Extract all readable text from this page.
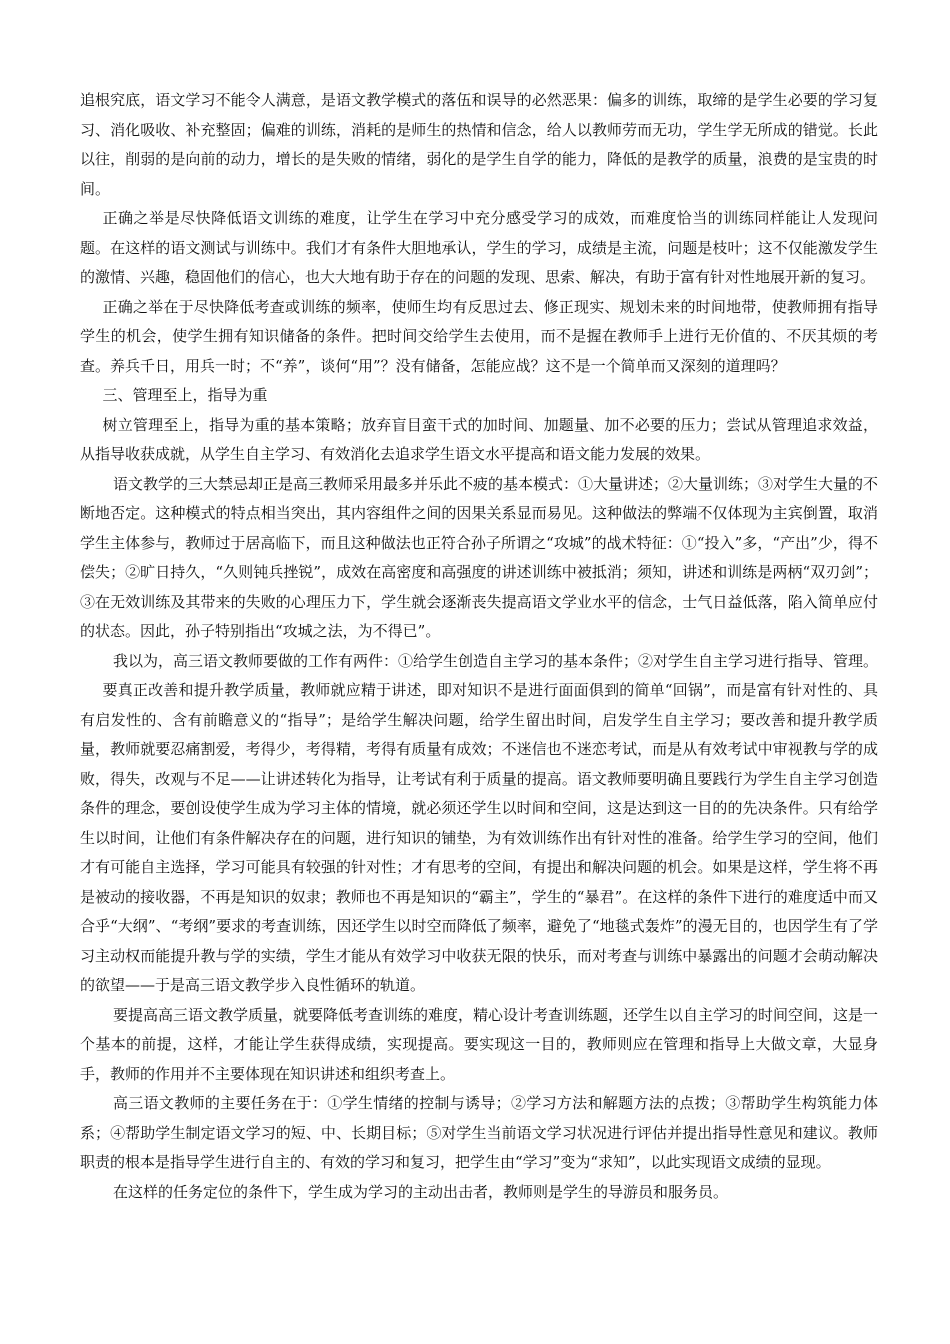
追根究底，语文学习不能令人满意，是语文教学模式的落伍和误导的必然恶果：偏多的训练，取缔的是学生必要的学习复习、消化吸收、补充整固；偏难的训练，消耗的是师生的热情和信念，给人以教师劳而无功，学生学无所成的错觉。长此以往，削弱的是向前的动力，增长的是失败的情绪，弱化的是学生自学的能力，降低的是教学的质量，浪费的是宝贵的时间。

正确之举是尽快降低语文训练的难度，让学生在学习中充分感受学习的成效，而难度恰当的训练同样能让人发现问题。在这样的语文测试与训练中。我们才有条件大胆地承认，学生的学习，成绩是主流，问题是枝叶；这不仅能激发学生的激情、兴趣，稳固他们的信心，也大大地有助于存在的问题的发现、思索、解决，有助于富有针对性地展开新的复习。

正确之举在于尽快降低考查或训练的频率，使师生均有反思过去、修正现实、规划未来的时间地带，使教师拥有指导学生的机会，使学生拥有知识储备的条件。把时间交给学生去使用，而不是握在教师手上进行无价值的、不厌其烦的考查。养兵千日，用兵一时；不“养”，谈何“用”？没有储备，怎能应战？这不是一个简单而又深刻的道理吗？

三、管理至上，指导为重

树立管理至上，指导为重的基本策略；放弃盲目蛮干式的加时间、加题量、加不必要的压力；尝试从管理追求效益，从指导收获成就，从学生自主学习、有效消化去追求学生语文水平提高和语文能力发展的效果。

语文教学的三大禁忌却正是高三教师采用最多并乐此不疲的基本模式：①大量讲述；②大量训练；③对学生大量的不断地否定。这种模式的特点相当突出，其内容组件之间的因果关系显而易见。这种做法的弊端不仅体现为主宾倒置，取消学生主体参与，教师过于居高临下，而且这种做法也正符合孙子所谓之“攻城”的战术特征：①“投入”多，“产出”少，得不偿失；②旷日持久，“久则钝兵挫锐”，成效在高密度和高强度的讲述训练中被抵消；须知，讲述和训练是两柄“双刃剑”；③在无效训练及其带来的失败的心理压力下，学生就会逐渐丧失提高语文学业水平的信念，士气日益低落，陷入简单应付的状态。因此，孙子特别指出“攻城之法，为不得已”。

我以为，高三语文教师要做的工作有两件：①给学生创造自主学习的基本条件；②对学生自主学习进行指导、管理。

要真正改善和提升教学质量，教师就应精于讲述，即对知识不是进行面面俱到的简单“回锅”，而是富有针对性的、具有启发性的、含有前瞻意义的“指导”；是给学生解决问题，给学生留出时间，启发学生自主学习；要改善和提升教学质量，教师就要忍痛割爱，考得少，考得精，考得有质量有成效；不迷信也不迷恋考试，而是从有效考试中审视教与学的成败，得失，改观与不足——让讲述转化为指导，让考试有利于质量的提高。语文教师要明确且要践行为学生自主学习创造条件的理念，要创设使学生成为学习主体的情境，就必须还学生以时间和空间，这是达到这一目的的先决条件。只有给学生以时间，让他们有条件解决存在的问题，进行知识的铺垫，为有效训练作出有针对性的准备。给学生学习的空间，他们才有可能自主选择，学习可能具有较强的针对性；才有思考的空间，有提出和解决问题的机会。如果是这样，学生将不再是被动的接收器，不再是知识的奴隶；教师也不再是知识的“霸主”，学生的“暴君”。在这样的条件下进行的难度适中而又合乎“大纲”、“考纲”要求的考查训练，因还学生以时空而降低了频率，避免了“地毯式轰炸”的漫无目的，也因学生有了学习主动权而能提升教与学的实绩，学生才能从有效学习中收获无限的快乐，而对考查与训练中暴露出的问题才会萌动解决的欲望——于是高三语文教学步入良性循环的轨道。

要提高高三语文教学质量，就要降低考查训练的难度，精心设计考查训练题，还学生以自主学习的时间空间，这是一个基本的前提，这样，才能让学生获得成绩，实现提高。要实现这一目的，教师则应在管理和指导上大做文章，大显身手，教师的作用并不主要体现在知识讲述和组织考查上。

高三语文教师的主要任务在于：①学生情绪的控制与诱导；②学习方法和解题方法的点拨；③帮助学生构筑能力体系；④帮助学生制定语文学习的短、中、长期目标；⑤对学生当前语文学习状况进行评估并提出指导性意见和建议。教师职责的根本是指导学生进行自主的、有效的学习和复习，把学生由“学习”变为“求知”，以此实现语文成绩的显现。

在这样的任务定位的条件下，学生成为学习的主动出击者，教师则是学生的导游员和服务员。
